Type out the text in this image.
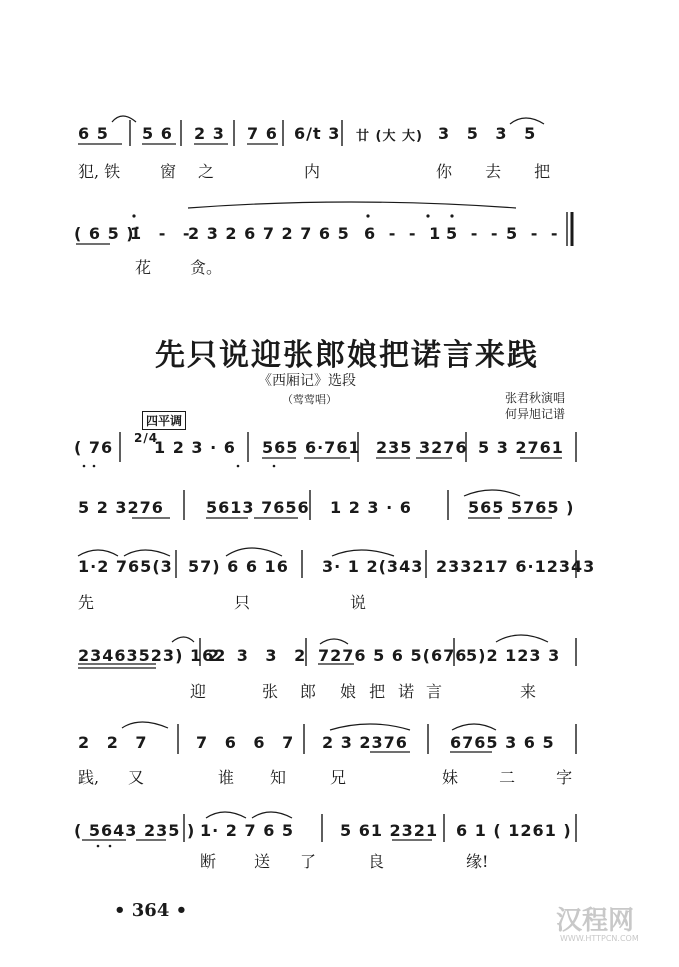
6 5 5 6 2 3 7 6 6/t 3 廿 (大 大) 3 5 3 5
犯, 铁 窗 之	内	你 去 把
( 6 5 )
1̇ - -
2 3 2 6 7 2 7 6 5 6 - - 1 5 - - 5 - -
花 贪。
先只说迎张郎娘把诺言来践
《西厢记》选段
（莺莺唱）	张君秋演唱
何异旭记谱
四平调
( 76 2/4
1 2 3 · 6 565 6·761 235 3276 5 3 2761
5 2 3276	5613 7656 1 2 3 · 6	565 5765 )
1·2 765(3 57) 6 6 16 3· 1 2(343 233217 6·12343
先	只	说
23463523) 162
2 3 3 2 7276 5 6 5(676
5)2 123 3
迎	张 郎 娘 把 诺 言	来
2 2 7	7 6 6 7 2 3 2376	6765 3 6 5
践, 又	谁 知	兄	妹 二 字
( 5643 235 ) 1· 2 7 6 5	5 61 2321 6 1 ( 1261 )
断 送 了	良	缘!
• 364 •	汉程网
WWW.HTTPCN.COM
